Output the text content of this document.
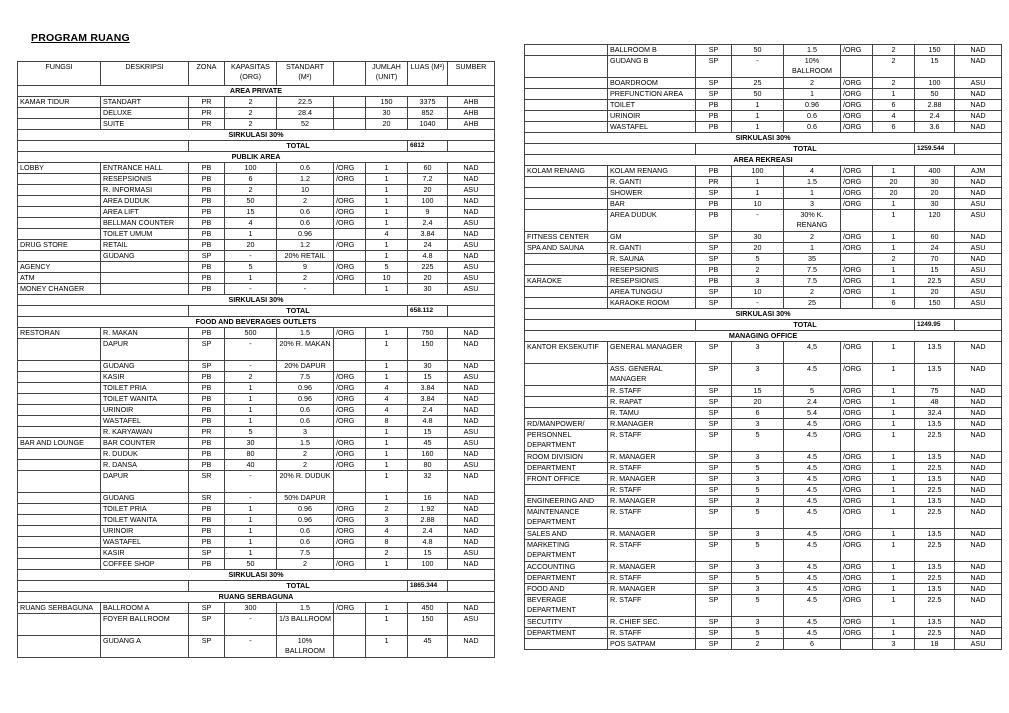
PROGRAM RUANG
FUNGSI	DESKRIPSI	ZONA	KAPASITAS (ORG)	STANDART (M²)		JUMLAH (UNIT)	LUAS (M²)	SUMBER
AREA PRIVATE								
KAMAR TIDUR	STANDART	PR	2	22.5		150	3375	AHB
	DELUXE	PR	2	28.4		30	852	AHB
	SUITE	PR	2	52		20	1040	AHB
SIRKULASI 30%								
		TOTAL					6812	
PUBLIK AREA								
LOBBY	ENTRANCE HALL	PB	100	0.6	/ORG	1	60	NAD
	RESEPSIONIS	PB	6	1.2	/ORG	1	7.2	NAD
	R. INFORMASI	PB	2	10		1	20	ASU
	AREA DUDUK	PB	50	2	/ORG	1	100	NAD
	AREA LIFT	PB	15	0.6	/ORG	1	9	NAD
	BELLMAN COUNTER	PB	4	0.6	/ORG	1	2.4	ASU
	TOILET UMUM	PB	1	0.96		4	3.84	NAD
DRUG STORE	RETAIL	PB	20	1.2	/ORG	1	24	ASU
	GUDANG	SP	-	20% RETAIL		1	4.8	NAD
AGENCY		PB	5	9	/ORG	5	225	ASU
ATM		PB	1	2	/ORG	10	20	ASU
MONEY CHANGER		PB	-	-		1	30	ASU
SIRKULASI 30%								
		TOTAL					658.112	
FOOD AND BEVERAGES OUTLETS								
RESTORAN	R. MAKAN	PB	500	1.5	/ORG	1	750	NAD
	DAPUR	SP	-	20% R. MAKAN		1	150	NAD
	GUDANG	SP	-	20% DAPUR		1	30	NAD
	KASIR	PB	2	7.5	/ORG	1	15	ASU
	TOILET PRIA	PB	1	0.96	/ORG	4	3.84	NAD
	TOILET WANITA	PB	1	0.96	/ORG	4	3.84	NAD
	URINOIR	PB	1	0.6	/ORG	4	2.4	NAD
	WASTAFEL	PB	1	0.6	/ORG	8	4.8	NAD
	R. KARYAWAN	PR	5	3		1	15	ASU
BAR AND LOUNGE	BAR COUNTER	PB	30	1.5	/ORG	1	45	ASU
	R. DUDUK	PB	80	2	/ORG	1	160	NAD
	R. DANSA	PB	40	2	/ORG	1	80	ASU
	DAPUR	SR	-	20% R. DUDUK		1	32	NAD
	GUDANG	SR	-	50% DAPUR		1	16	NAD
	TOILET PRIA	PB	1	0.96	/ORG	2	1.92	NAD
	TOILET WANITA	PB	1	0.96	/ORG	3	2.88	NAD
	URINOIR	PB	1	0.6	/ORG	4	2.4	NAD
	WASTAFEL	PB	1	0.6	/ORG	8	4.8	NAD
	KASIR	SP	1	7.5		2	15	ASU
	COFFEE SHOP	PB	50	2	/ORG	1	100	NAD
SIRKULASI 30%								
		TOTAL					1865.344	
RUANG SERBAGUNA								
RUANG SERBAGUNA	BALLROOM A	SP	300	1.5	/ORG	1	450	NAD
	FOYER BALLROOM	SP	-	1/3 BALLROOM		1	150	ASU
	GUDANG A	SP	-	10% BALLROOM		1	45	NAD
	BALLROOM B	SP	50	1.5	/ORG	2	150	NAD
	GUDANG B	SP	-	10% BALLROOM		2	15	NAD
	BOARDROOM	SP	25	2	/ORG	2	100	ASU
	PREFUNCTION AREA	SP	50	1	/ORG	1	50	NAD
	TOILET	PB	1	0.96	/ORG	6	2.88	NAD
	URINOIR	PB	1	0.6	/ORG	4	2.4	NAD
	WASTAFEL	PB	1	0.6	/ORG	6	3.6	NAD
SIRKULASI 30%								
		TOTAL					1259.544	
AREA REKREASI								
KOLAM RENANG	KOLAM RENANG	PB	100	4	/ORG	1	400	AJM
	R. GANTI	PR	1	1.5	/ORG	20	30	NAD
	SHOWER	SP	1	1	/ORG	20	20	NAD
	BAR	PB	10	3	/ORG	1	30	ASU
	AREA DUDUK	PB	-	30% K. RENANG		1	120	ASU
FITNESS CENTER	GM	SP	30	2	/ORG	1	60	NAD
SPA AND SAUNA	R. GANTI	SP	20	1	/ORG	1	24	ASU
	R. SAUNA	SP	5	35		2	70	NAD
	RESEPSIONIS	PB	2	7.5	/ORG	1	15	ASU
KARAOKE	RESEPSIONIS	PB	3	7.5	/ORG	1	22.5	ASU
	AREA TUNGGU	SP	10	2	/ORG	1	20	ASU
	KARAOKE ROOM	SP	-	25		6	150	ASU
SIRKULASI 30%								
		TOTAL					1249.95	
MANAGING OFFICE								
KANTOR EKSEKUTIF	GENERAL MANAGER	SP	3	4,5	/ORG	1	13.5	NAD
	ASS. GENERAL MANAGER	SP	3	4.5	/ORG	1	13.5	NAD
	R. STAFF	SP	15	5	/ORG	1	75	NAD
	R. RAPAT	SP	20	2.4	/ORG	1	48	NAD
	R. TAMU	SP	6	5.4	/ORG	1	32.4	NAD
RD/MANPOWER/	R.MANAGER	SP	3	4.5	/ORG	1	13.5	NAD
PERSONNEL DEPARTMENT	R. STAFF	SP	5	4.5	/ORG	1	22.5	NAD
ROOM DIVISION	R. MANAGER	SP	3	4.5	/ORG	1	13.5	NAD
DEPARTMENT	R. STAFF	SP	5	4.5	/ORG	1	22.5	NAD
FRONT OFFICE	R. MANAGER	SP	3	4.5	/ORG	1	13.5	NAD
	R. STAFF	SP	5	4.5	/ORG	1	22.5	NAD
ENGINEERING AND	R. MANAGER	SP	3	4.5	/ORG	1	13.5	NAD
MAINTENANCE DEPARTMENT	R. STAFF	SP	5	4.5	/ORG	1	22.5	NAD
SALES AND	R. MANAGER	SP	3	4.5	/ORG	1	13.5	NAD
MARKETING DEPARTMENT	R. STAFF	SP	5	4.5	/ORG	1	22.5	NAD
ACCOUNTING	R. MANAGER	SP	3	4.5	/ORG	1	13.5	NAD
DEPARTMENT	R. STAFF	SP	5	4.5	/ORG	1	22.5	NAD
FOOD AND	R. MANAGER	SP	3	4.5	/ORG	1	13.5	NAD
BEVERAGE DEPARTMENT	R. STAFF	SP	5	4.5	/ORG	1	22.5	NAD
SECUTITY	R. CHIEF SEC.	SP	3	4.5	/ORG	1	13.5	NAD
DEPARTMENT	R. STAFF	SP	5	4.5	/ORG	1	22.5	NAD
	POS SATPAM	SP	2	6		3	18	ASU
